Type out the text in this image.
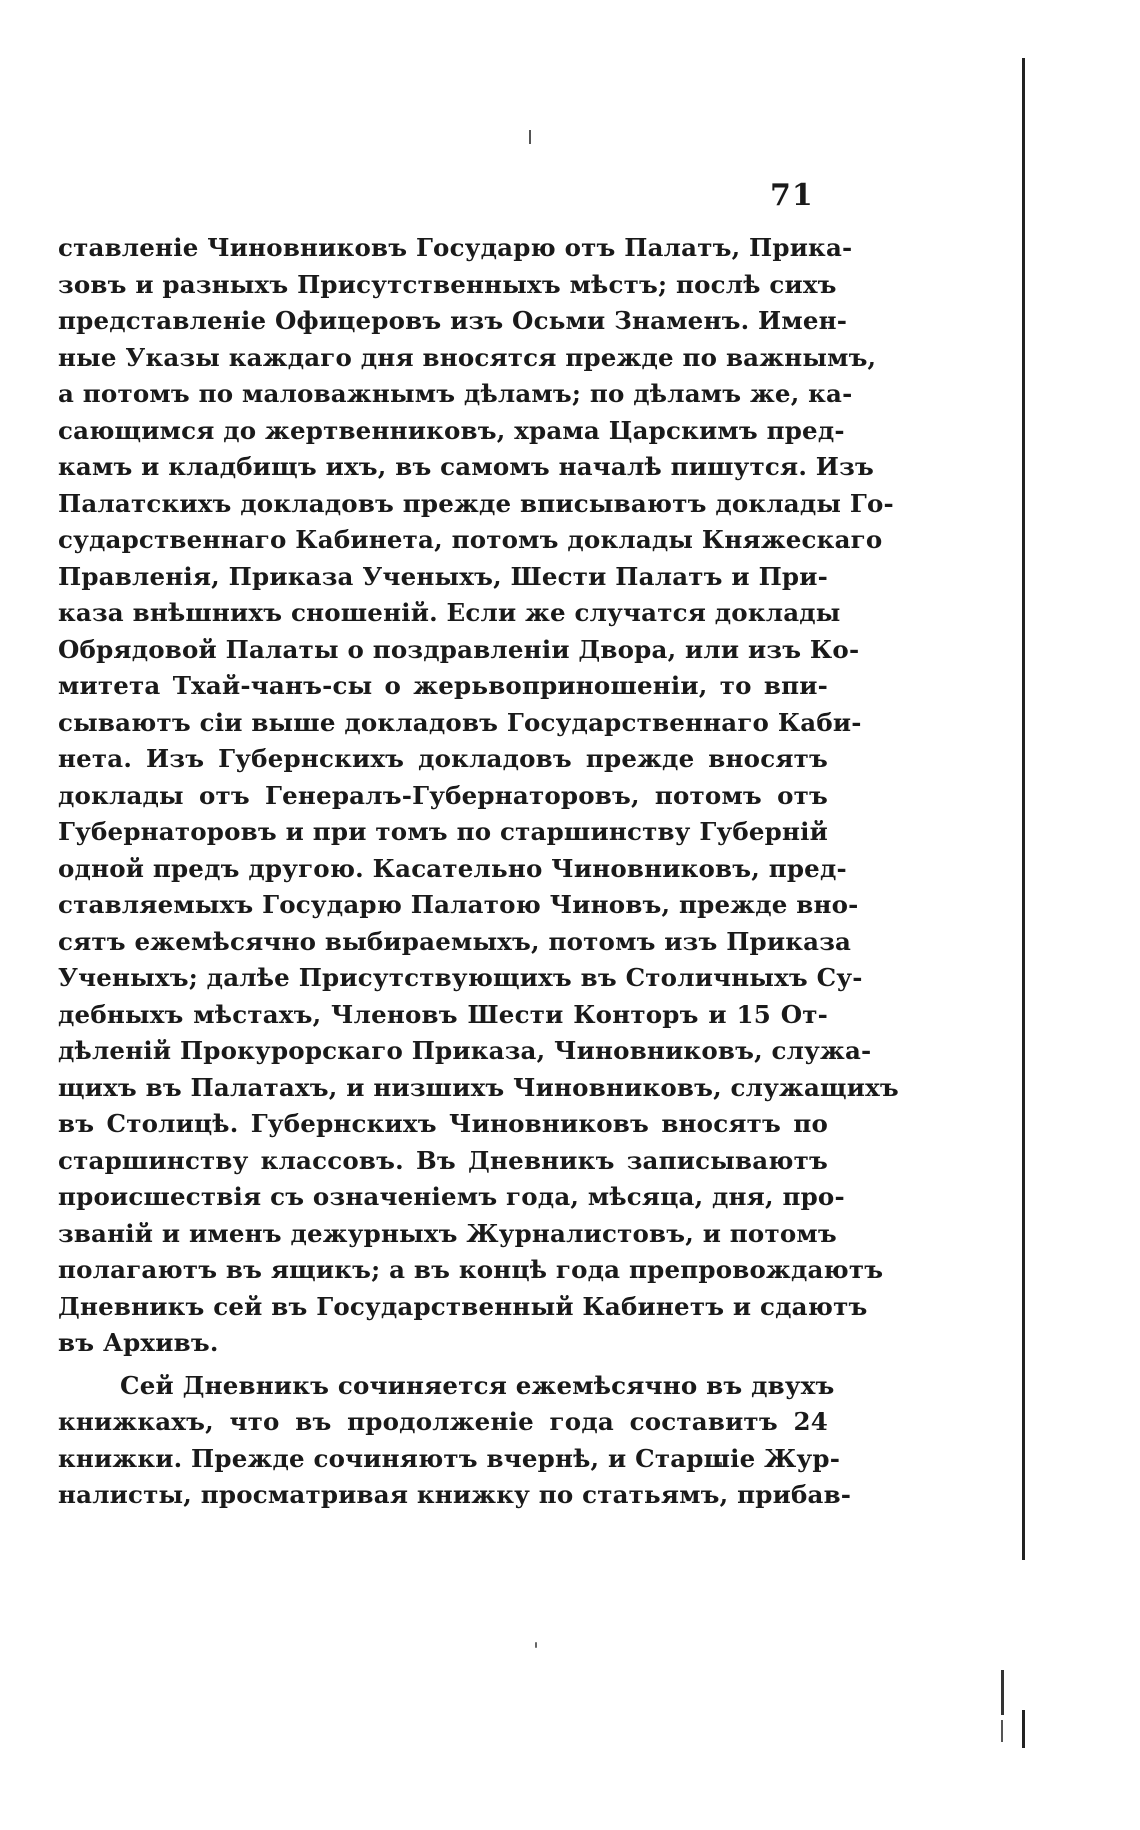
71
ставленіе Чиновниковъ Государю отъ Палатъ, Прика-
зовъ и разныхъ Присутственныхъ мѣстъ; послѣ сихъ
представленіе Офицеровъ изъ Осьми Знаменъ. Имен-
ные Указы каждаго дня вносятся прежде по важнымъ,
а потомъ по маловажнымъ дѣламъ; по дѣламъ же, ка-
сающимся до жертвенниковъ, храма Царскимъ пред-
камъ и кладбищъ ихъ, въ самомъ началѣ пишутся. Изъ
Палатскихъ докладовъ прежде вписываютъ доклады Го-
сударственнаго Кабинета, потомъ доклады Княжескаго
Правленія, Приказа Ученыхъ, Шести Палатъ и При-
каза внѣшнихъ сношеній. Если же случатся доклады
Обрядовой Палаты о поздравленіи Двора, или изъ Ко-
митета Тхай-чанъ-сы о жерьвоприношеніи, то впи-
сываютъ сіи выше докладовъ Государственнаго Каби-
нета. Изъ Губернскихъ докладовъ прежде вносятъ
доклады отъ Генералъ-Губернаторовъ, потомъ отъ
Губернаторовъ и при томъ по старшинству Губерній
одной предъ другою. Касательно Чиновниковъ, пред-
ставляемыхъ Государю Палатою Чиновъ, прежде вно-
сятъ ежемѣсячно выбираемыхъ, потомъ изъ Приказа
Ученыхъ; далѣе Присутствующихъ въ Столичныхъ Су-
дебныхъ мѣстахъ, Членовъ Шести Конторъ и 15 От-
дѣленій Прокурорскаго Приказа, Чиновниковъ, служа-
щихъ въ Палатахъ, и низшихъ Чиновниковъ, служащихъ
въ Столицѣ. Губернскихъ Чиновниковъ вносятъ по
старшинству классовъ. Въ Дневникъ записываютъ
происшествія съ означеніемъ года, мѣсяца, дня, про-
званій и именъ дежурныхъ Журналистовъ, и потомъ
полагаютъ въ ящикъ; а въ концѣ года препровождаютъ
Дневникъ сей въ Государственный Кабинетъ и сдаютъ
въ Архивъ.
Сей Дневникъ сочиняется ежемѣсячно въ двухъ
книжкахъ, что въ продолженіе года составитъ 24
книжки. Прежде сочиняютъ вчернѣ, и Старшіе Жур-
налисты, просматривая книжку по статьямъ, прибав-
